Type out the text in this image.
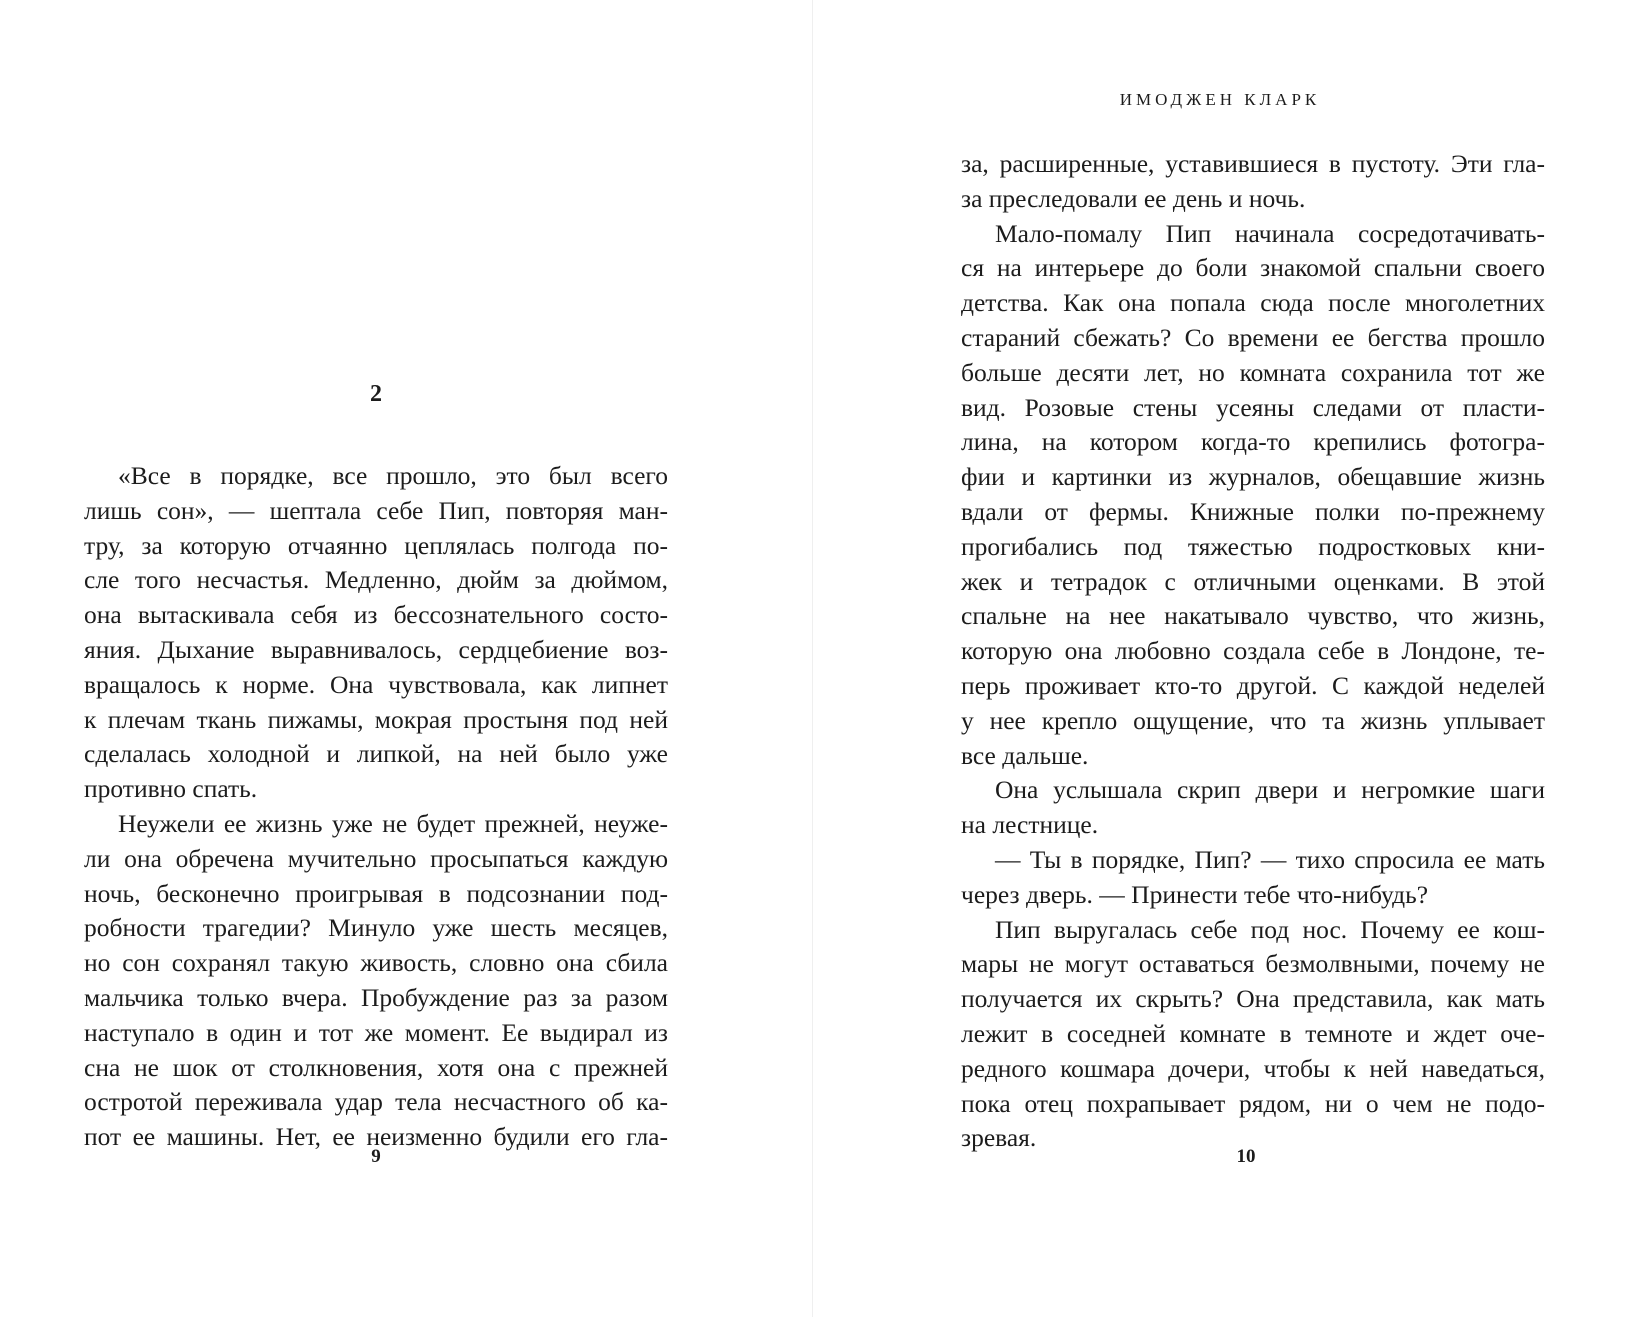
2
«Все в порядке, все прошло, это был всего
лишь сон», — шептала себе Пип, повторяя ман-
тру, за которую отчаянно цеплялась полгода по-
сле того несчастья. Медленно, дюйм за дюймом,
она вытаскивала себя из бессознательного состо-
яния. Дыхание выравнивалось, сердцебиение воз-
вращалось к норме. Она чувствовала, как липнет
к плечам ткань пижамы, мокрая простыня под ней
сделалась холодной и липкой, на ней было уже
противно спать.
Неужели ее жизнь уже не будет прежней, неуже-
ли она обречена мучительно просыпаться каждую
ночь, бесконечно проигрывая в подсознании под-
робности трагедии? Минуло уже шесть месяцев,
но сон сохранял такую живость, словно она сбила
мальчика только вчера. Пробуждение раз за разом
наступало в один и тот же момент. Ее выдирал из
сна не шок от столкновения, хотя она с прежней
остротой переживала удар тела несчастного об ка-
пот ее машины. Нет, ее неизменно будили его гла-
9
ИМОДЖЕН КЛАРК
за, расширенные, уставившиеся в пустоту. Эти гла-
за преследовали ее день и ночь.
Мало-помалу Пип начинала сосредотачивать-
ся на интерьере до боли знакомой спальни своего
детства. Как она попала сюда после многолетних
стараний сбежать? Со времени ее бегства прошло
больше десяти лет, но комната сохранила тот же
вид. Розовые стены усеяны следами от пласти-
лина, на котором когда-то крепились фотогра-
фии и картинки из журналов, обещавшие жизнь
вдали от фермы. Книжные полки по-прежнему
прогибались под тяжестью подростковых кни-
жек и тетрадок с отличными оценками. В этой
спальне на нее накатывало чувство, что жизнь,
которую она любовно создала себе в Лондоне, те-
перь проживает кто-то другой. С каждой неделей
у нее крепло ощущение, что та жизнь уплывает
все дальше.
Она услышала скрип двери и негромкие шаги
на лестнице.
— Ты в порядке, Пип? — тихо спросила ее мать
через дверь. — Принести тебе что-нибудь?
Пип выругалась себе под нос. Почему ее кош-
мары не могут оставаться безмолвными, почему не
получается их скрыть? Она представила, как мать
лежит в соседней комнате в темноте и ждет оче-
редного кошмара дочери, чтобы к ней наведаться,
пока отец похрапывает рядом, ни о чем не подо-
зревая.
10
